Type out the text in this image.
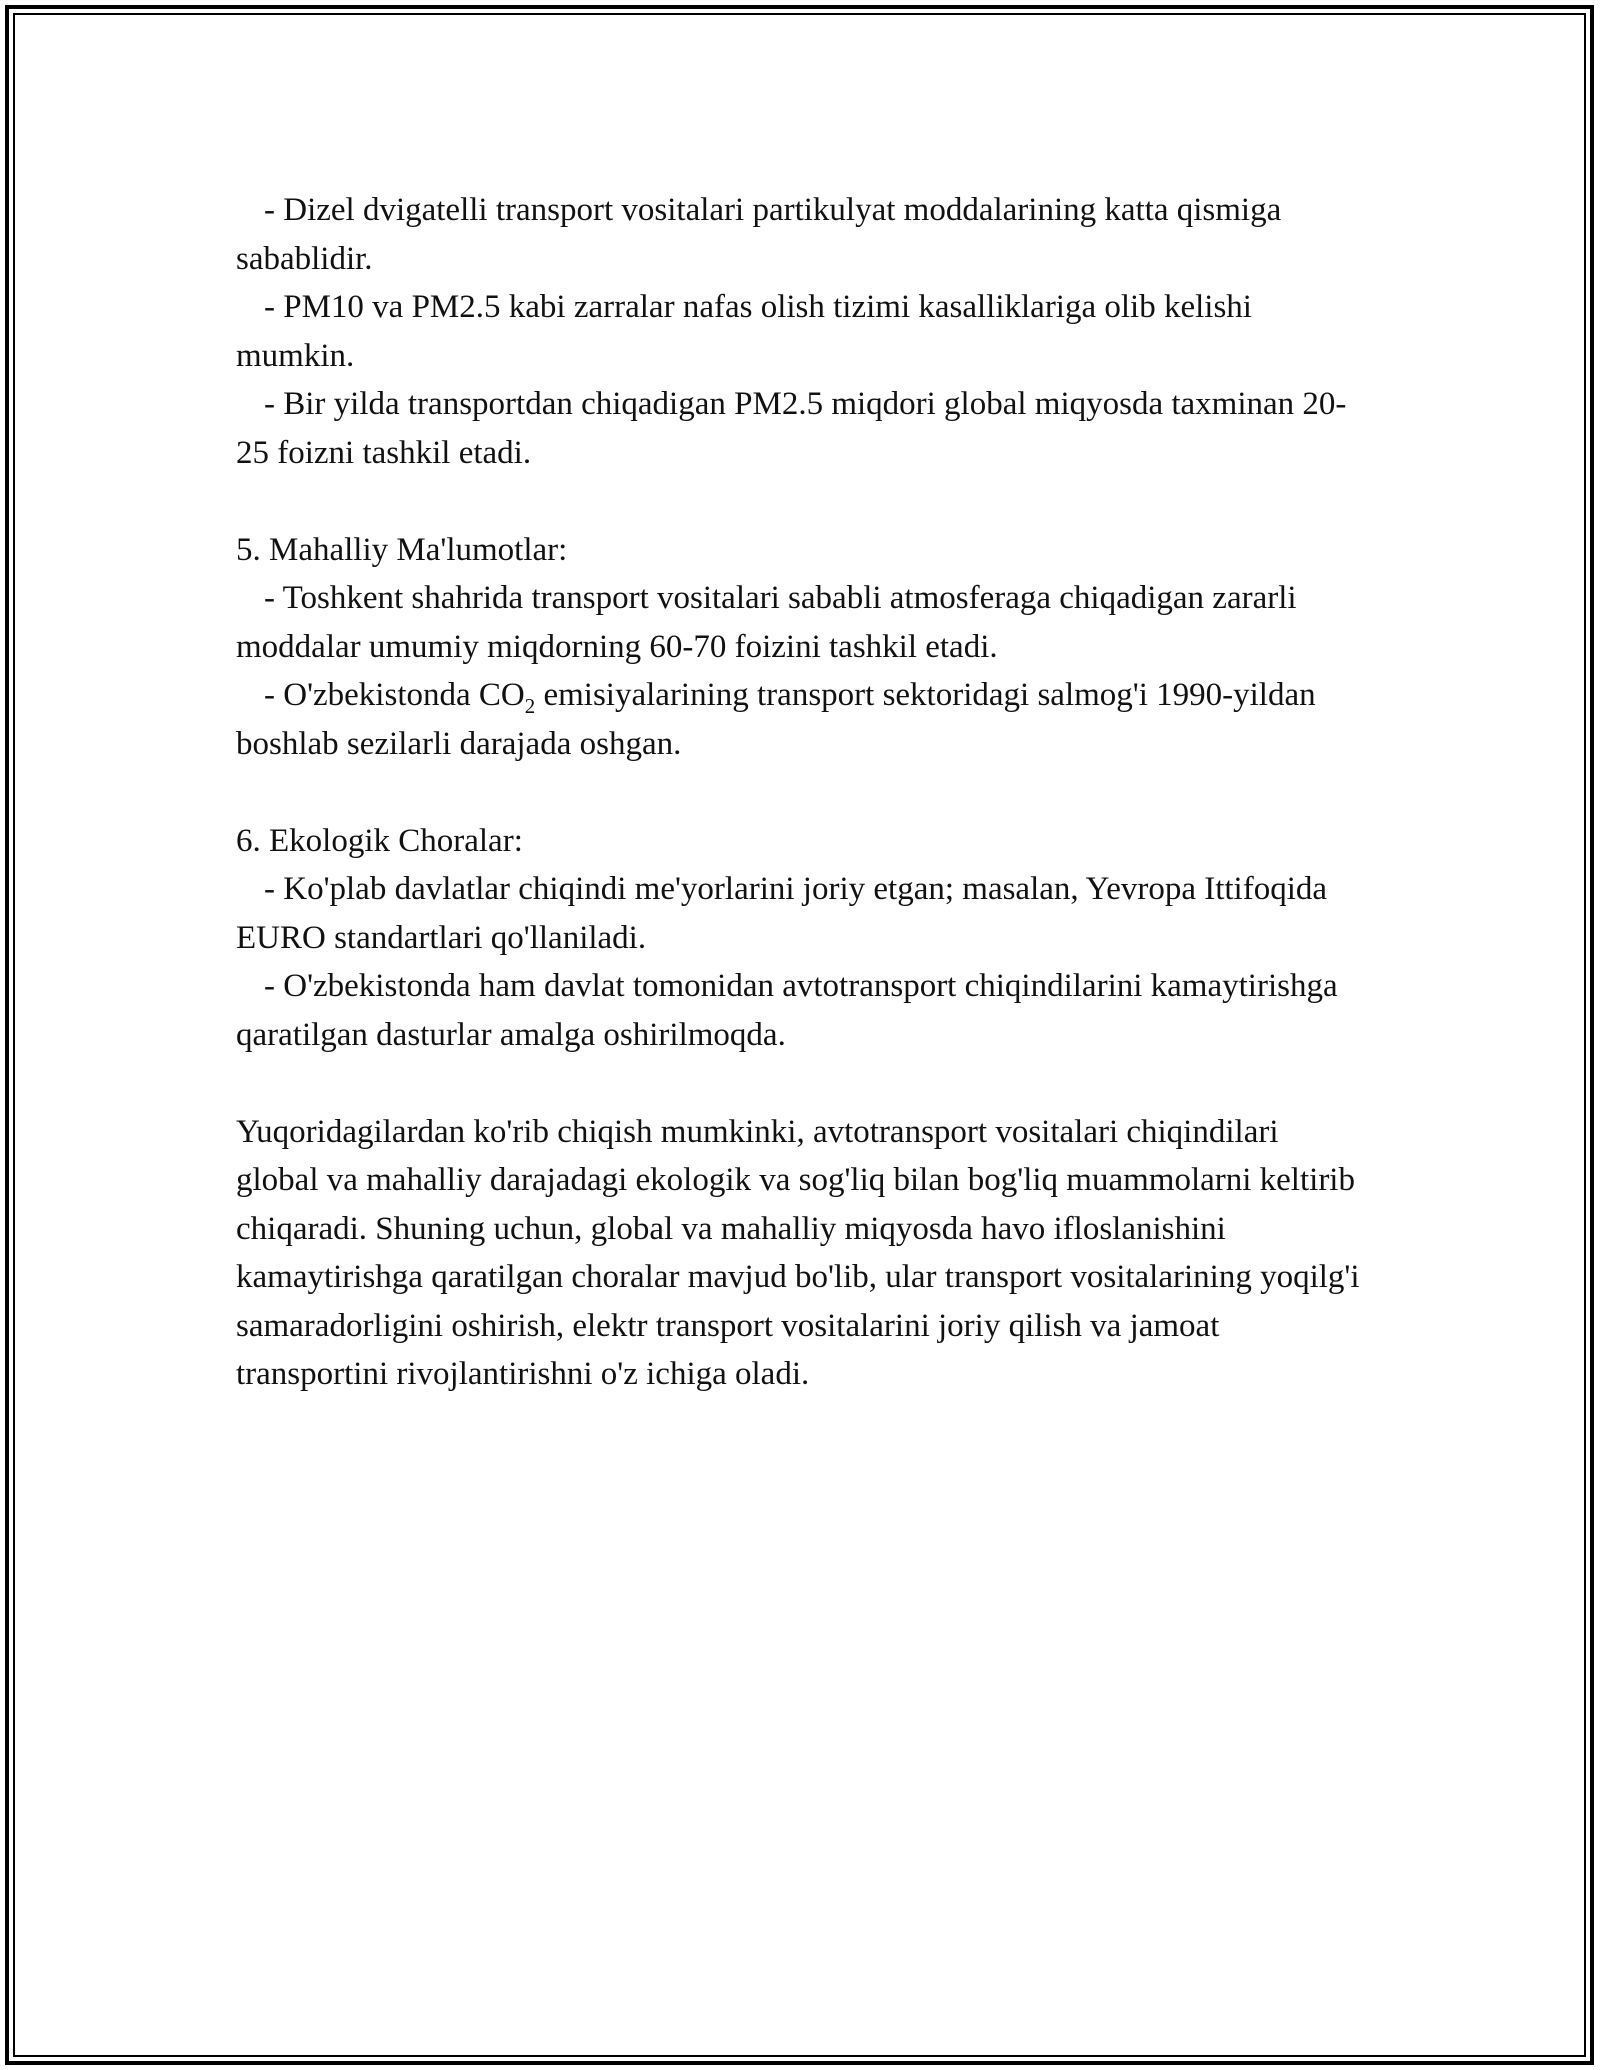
- Dizel dvigatelli transport vositalari partikulyat moddalarining katta qismiga sabablidir.

- PM10 va PM2.5 kabi zarralar nafas olish tizimi kasalliklariga olib kelishi mumkin.

- Bir yilda transportdan chiqadigan PM2.5 miqdori global miqyosda taxminan 20-25 foizni tashkil etadi.

5. Mahalliy Ma'lumotlar:

- Toshkent shahrida transport vositalari sababli atmosferaga chiqadigan zararli moddalar umumiy miqdorning 60-70 foizini tashkil etadi.

- O'zbekistonda $CO_2$ emisiyalarining transport sektoridagi salmog'i 1990-yildan boshlab sezilarli darajada oshgan.

6. Ekologik Choralar:

- Ko'plab davlatlar chiqindi me'yorlarini joriy etgan; masalan, Yevropa Ittifoqida EURO standartlari qo'llaniladi.

- O'zbekistonda ham davlat tomonidan avtotransport chiqindilarini kamaytirishga qaratilgan dasturlar amalga oshirilmoqda.

Yuqoridagilardan ko'rib chiqish mumkinki, avtotransport vositalari chiqindilari global va mahalliy darajadagi ekologik va sog'liq bilan bog'liq muammolarni keltirib chiqaradi. Shuning uchun, global va mahalliy miqyosda havo ifloslanishini kamaytirishga qaratilgan choralar mavjud bo'lib, ular transport vositalarining yoqilg'i samaradorligini oshirish, elektr transport vositalarini joriy qilish va jamoat transportini rivojlantirishni o'z ichiga oladi.
